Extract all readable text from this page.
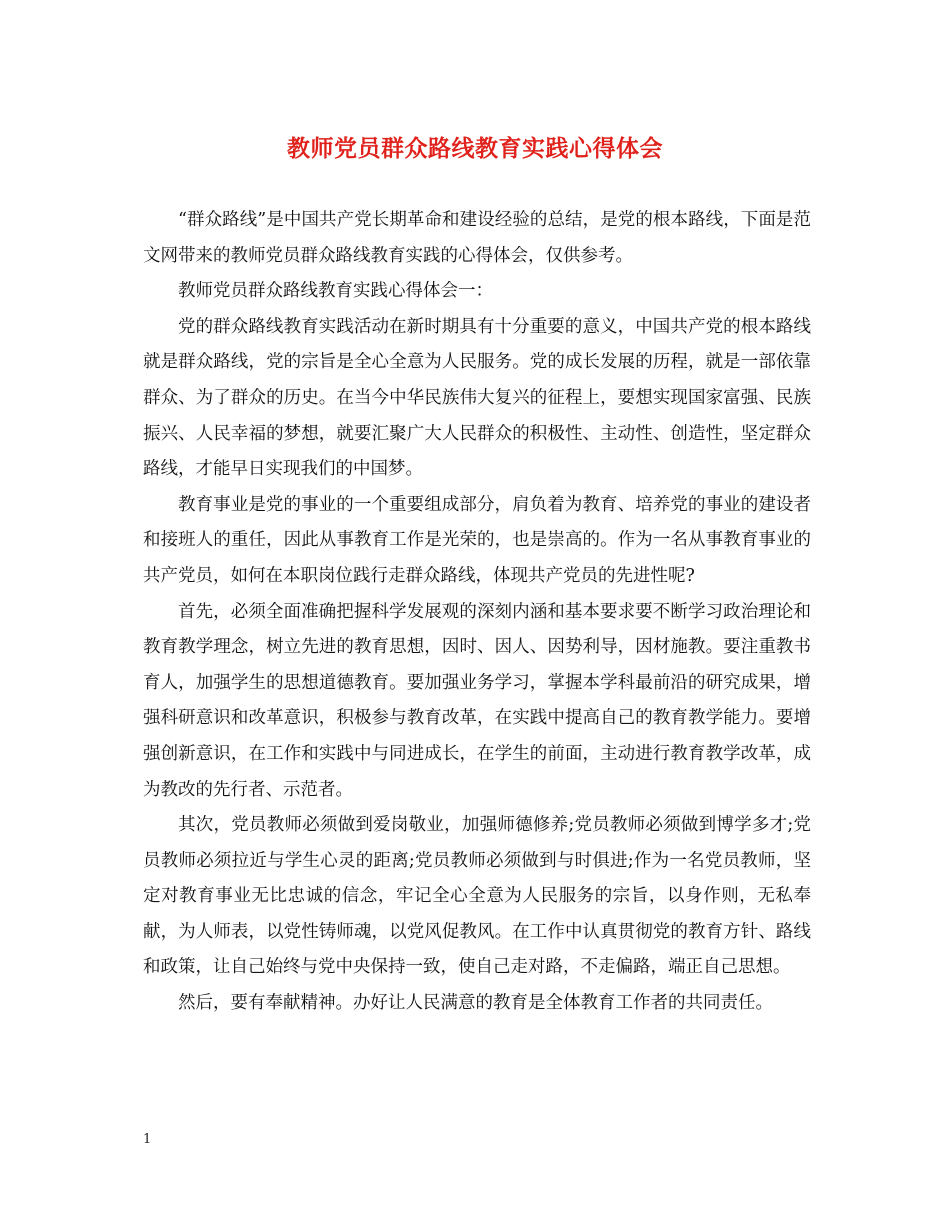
教师党员群众路线教育实践心得体会

“群众路线”是中国共产党长期革命和建设经验的总结，是党的根本路线，下面是范文网带来的教师党员群众路线教育实践的心得体会，仅供参考。

教师党员群众路线教育实践心得体会一：

党的群众路线教育实践活动在新时期具有十分重要的意义，中国共产党的根本路线就是群众路线，党的宗旨是全心全意为人民服务。党的成长发展的历程，就是一部依靠群众、为了群众的历史。在当今中华民族伟大复兴的征程上，要想实现国家富强、民族振兴、人民幸福的梦想，就要汇聚广大人民群众的积极性、主动性、创造性，坚定群众路线，才能早日实现我们的中国梦。

教育事业是党的事业的一个重要组成部分，肩负着为教育、培养党的事业的建设者和接班人的重任，因此从事教育工作是光荣的，也是崇高的。作为一名从事教育事业的共产党员，如何在本职岗位践行走群众路线，体现共产党员的先进性呢?

首先，必须全面准确把握科学发展观的深刻内涵和基本要求要不断学习政治理论和教育教学理念，树立先进的教育思想，因时、因人、因势利导，因材施教。要注重教书育人，加强学生的思想道德教育。要加强业务学习，掌握本学科最前沿的研究成果，增强科研意识和改革意识，积极参与教育改革，在实践中提高自己的教育教学能力。要增强创新意识，在工作和实践中与同进成长，在学生的前面，主动进行教育教学改革，成为教改的先行者、示范者。

其次，党员教师必须做到爱岗敬业，加强师德修养;党员教师必须做到博学多才;党员教师必须拉近与学生心灵的距离;党员教师必须做到与时俱进;作为一名党员教师，坚定对教育事业无比忠诚的信念，牢记全心全意为人民服务的宗旨，以身作则，无私奉献，为人师表，以党性铸师魂，以党风促教风。在工作中认真贯彻党的教育方针、路线和政策，让自己始终与党中央保持一致，使自己走对路，不走偏路，端正自己思想。

然后，要有奉献精神。办好让人民满意的教育是全体教育工作者的共同责任。

1
